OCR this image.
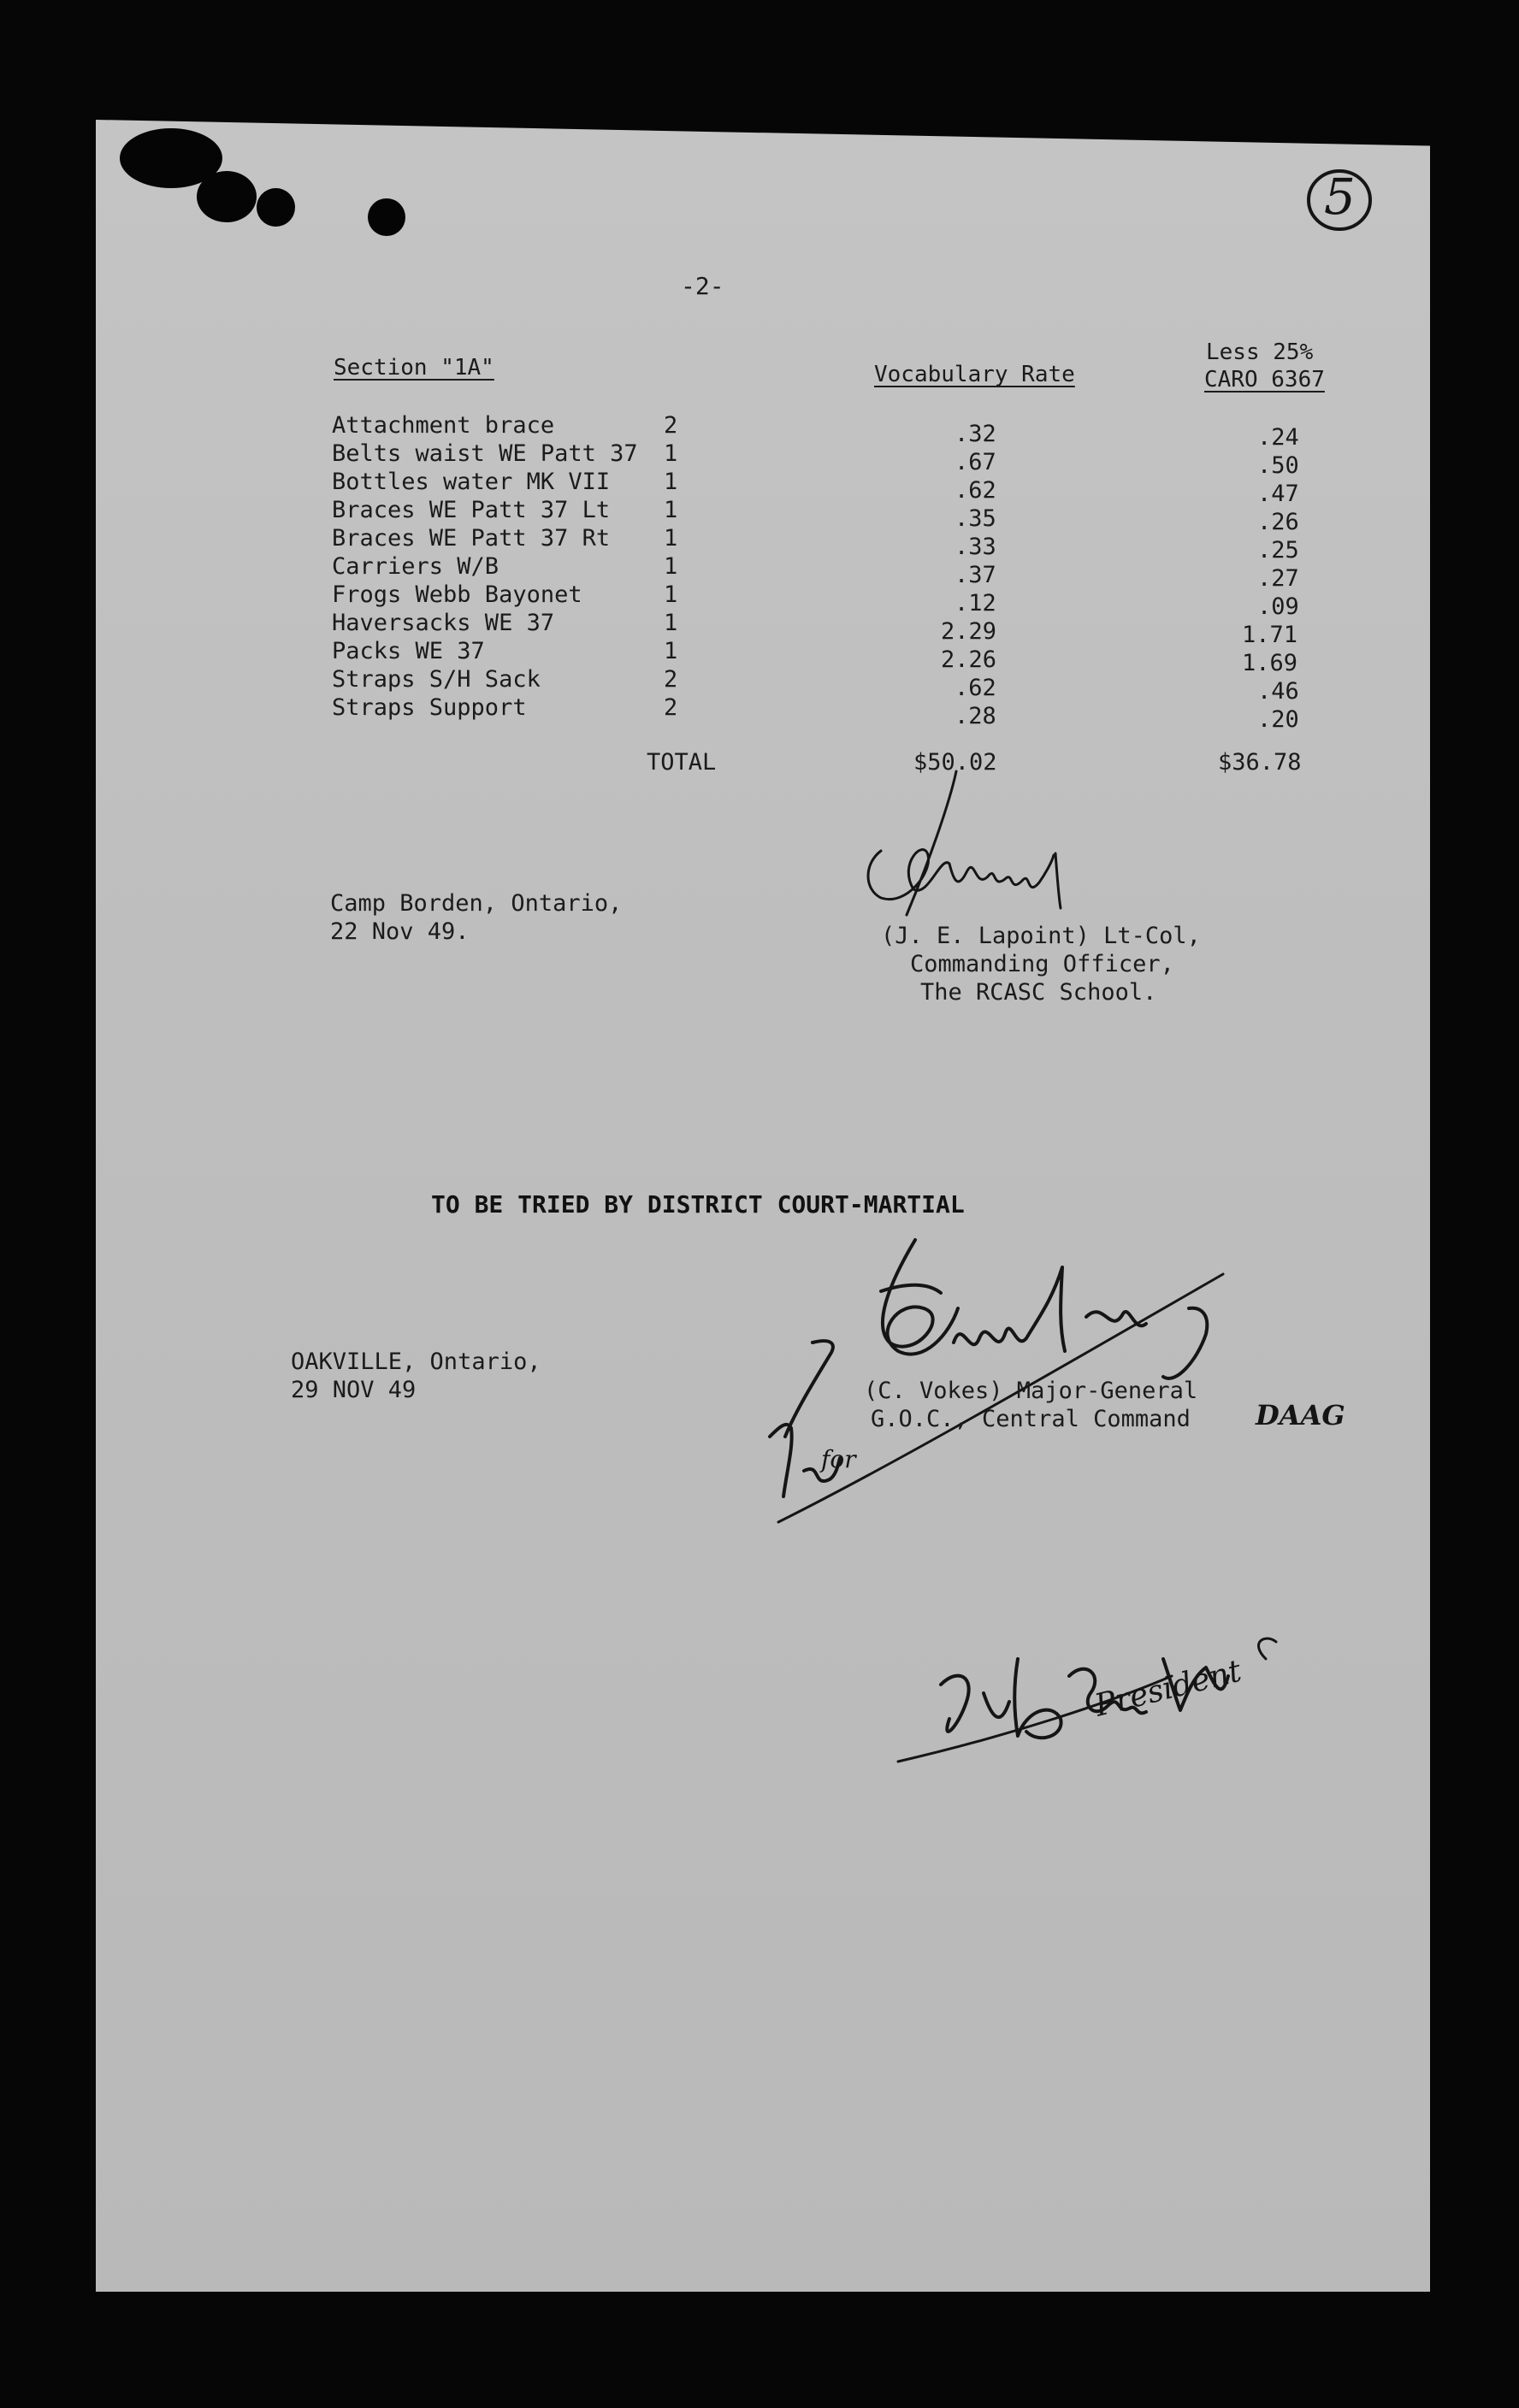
5
-2-
Section "1A"	Vocabulary Rate
Less 25%
CARO 6367
Attachment brace	2	.32	.24
Belts waist WE Patt 37 1	.67	.50
Bottles water MK VII 1	.62	.47
Braces WE Patt 37 Lt 1	.35	.26
Braces WE Patt 37 Rt 1	.33	.25
Carriers W/B	1	.37	.27
Frogs Webb Bayonet	1	.12	.09
Haversacks WE 37	1	2.29	1.71
Packs WE 37	1	2.26	1.69
Straps S/H Sack	2	.62	.46
Straps Support	2	.28	.20
TOTAL	$50.02	$36.78
Camp Borden, Ontario,
22 Nov 49.	(J. E. Lapoint) Lt-Col,
Commanding Officer,
The RCASC School.
TO BE TRIED BY DISTRICT COURT-MARTIAL
OAKVILLE, Ontario,
29 NOV 49
DAAG
for
(C. Vokes) Major-General
G.O.C., Central Command
President
